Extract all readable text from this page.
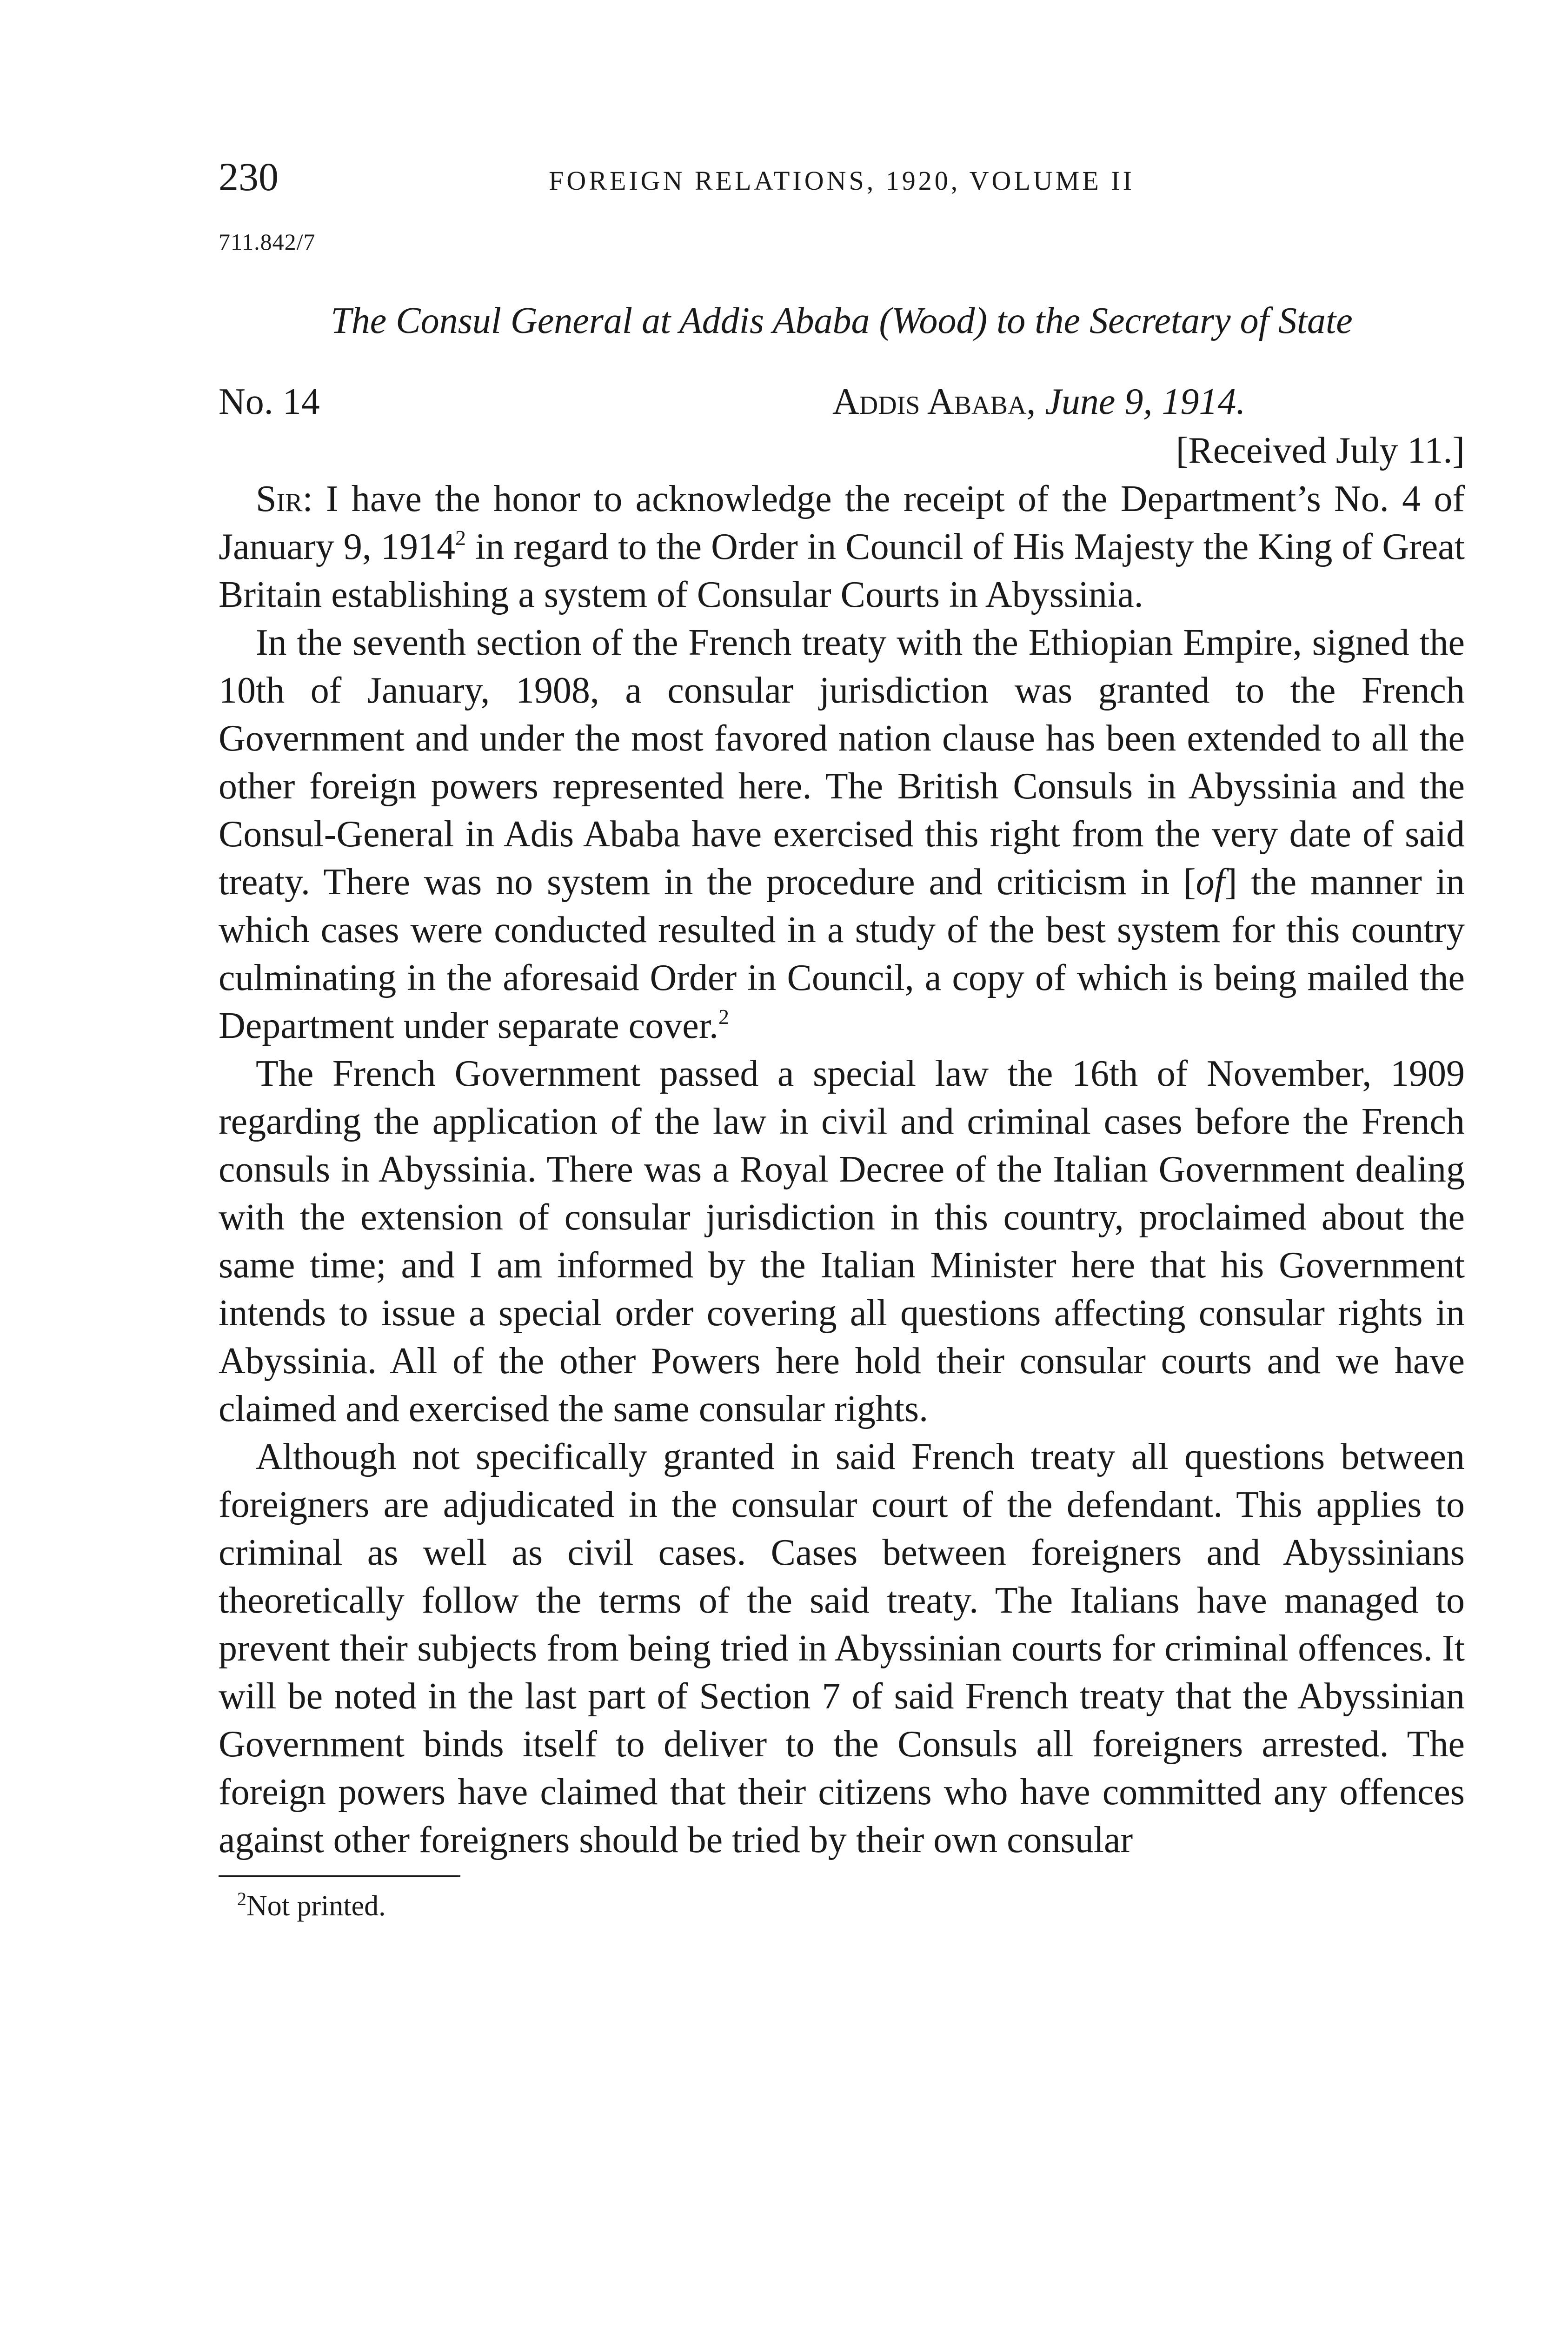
230	FOREIGN RELATIONS, 1920, VOLUME II
711.842/7
The Consul General at Addis Ababa (Wood) to the Secretary of State
No. 14	Addis Ababa, June 9, 1914.
[Received July 11.]

Sir: I have the honor to acknowledge the receipt of the Department’s No. 4 of January 9, 1914$^2$ in regard to the Order in Council of His Majesty the King of Great Britain establishing a system of Consular Courts in Abyssinia.

In the seventh section of the French treaty with the Ethiopian Empire, signed the 10th of January, 1908, a consular jurisdiction was granted to the French Government and under the most favored nation clause has been extended to all the other foreign powers represented here. The British Consuls in Abyssinia and the Consul-General in Adis Ababa have exercised this right from the very date of said treaty. There was no system in the procedure and criticism in [of] the manner in which cases were conducted resulted in a study of the best system for this country culminating in the aforesaid Order in Council, a copy of which is being mailed the Department under separate cover.$^2$

The French Government passed a special law the 16th of November, 1909 regarding the application of the law in civil and criminal cases before the French consuls in Abyssinia. There was a Royal Decree of the Italian Government dealing with the extension of consular jurisdiction in this country, proclaimed about the same time; and I am informed by the Italian Minister here that his Government intends to issue a special order covering all questions affecting consular rights in Abyssinia. All of the other Powers here hold their consular courts and we have claimed and exercised the same consular rights.

Although not specifically granted in said French treaty all questions between foreigners are adjudicated in the consular court of the defendant. This applies to criminal as well as civil cases. Cases between foreigners and Abyssinians theoretically follow the terms of the said treaty. The Italians have managed to prevent their subjects from being tried in Abyssinian courts for criminal offences. It will be noted in the last part of Section 7 of said French treaty that the Abyssinian Government binds itself to deliver to the Consuls all foreigners arrested. The foreign powers have claimed that their citizens who have committed any offences against other foreigners should be tried by their own consular

$^2$Not printed.
